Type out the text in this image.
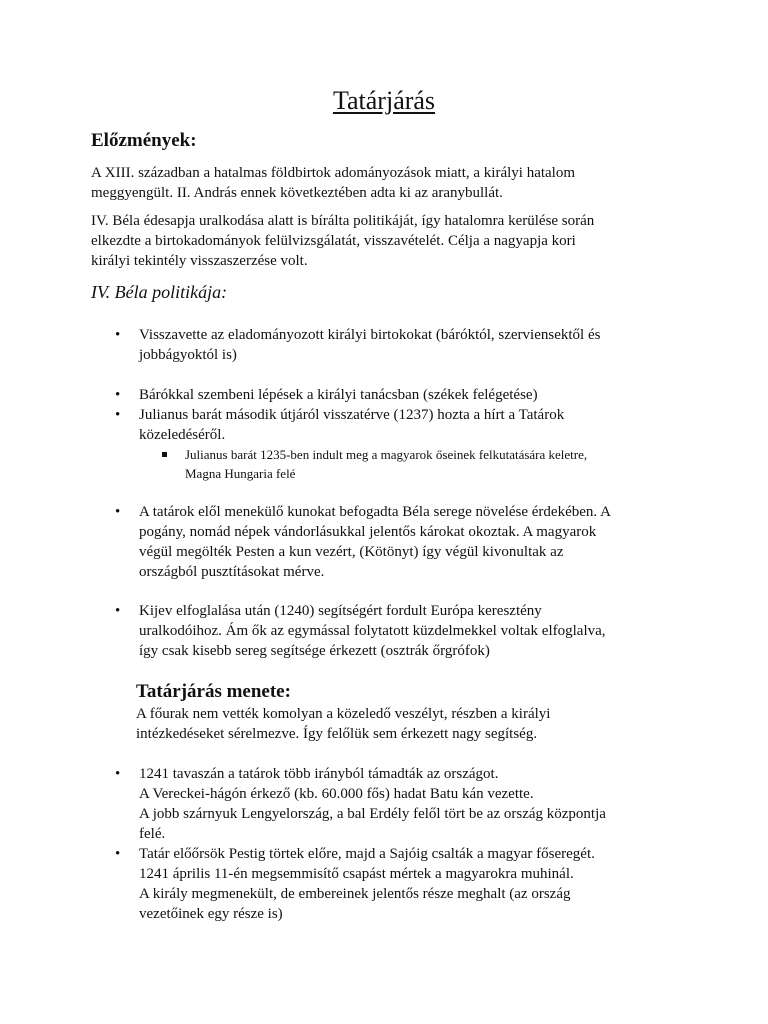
Tatárjárás
Előzmények:

A XIII. században a hatalmas földbirtok adományozások miatt, a királyi hatalom
meggyengült. II. András ennek következtében adta ki az aranybullát.

IV. Béla édesapja uralkodása alatt is bírálta politikáját, így hatalomra kerülése során
elkezdte a birtokadományok felülvizsgálatát, visszavételét. Célja a nagyapja kori
királyi tekintély visszaszerzése volt.

IV. Béla politikája:

•	Visszavette az eladományozott királyi birtokokat (báróktól, szerviensektől és
jobbágyoktól is)

•	Bárókkal szembeni lépések a királyi tanácsban (székek felégetése)

•	Julianus barát második útjáról visszatérve (1237) hozta a hírt a Tatárok
közeledéséről.

Julianus barát 1235-ben indult meg a magyarok őseinek felkutatására keletre,
Magna Hungaria felé

•	A tatárok elől menekülő kunokat befogadta Béla serege növelése érdekében. A
pogány, nomád népek vándorlásukkal jelentős károkat okoztak. A magyarok
végül megölték Pesten a kun vezért, (Kötönyt) így végül kivonultak az
országból pusztításokat mérve.

•	Kijev elfoglalása után (1240) segítségért fordult Európa keresztény
uralkodóihoz. Ám ők az egymással folytatott küzdelmekkel voltak elfoglalva,
így csak kisebb sereg segítsége érkezett (osztrák őrgrófok)

Tatárjárás menete:

A főurak nem vették komolyan a közeledő veszélyt, részben a királyi
intézkedéseket sérelmezve. Így felőlük sem érkezett nagy segítség.

•	1241 tavaszán a tatárok több irányból támadták az országot.
A Vereckei-hágón érkező (kb. 60.000 fős) hadat Batu kán vezette.
A jobb szárnyuk Lengyelország, a bal Erdély felől tört be az ország központja
felé.

•	Tatár előőrsök Pestig törtek előre, majd a Sajóig csalták a magyar főseregét.
1241 április 11-én megsemmisítő csapást mértek a magyarokra muhinál.
A király megmenekült, de embereinek jelentős része meghalt (az ország
vezetőinek egy része is)
